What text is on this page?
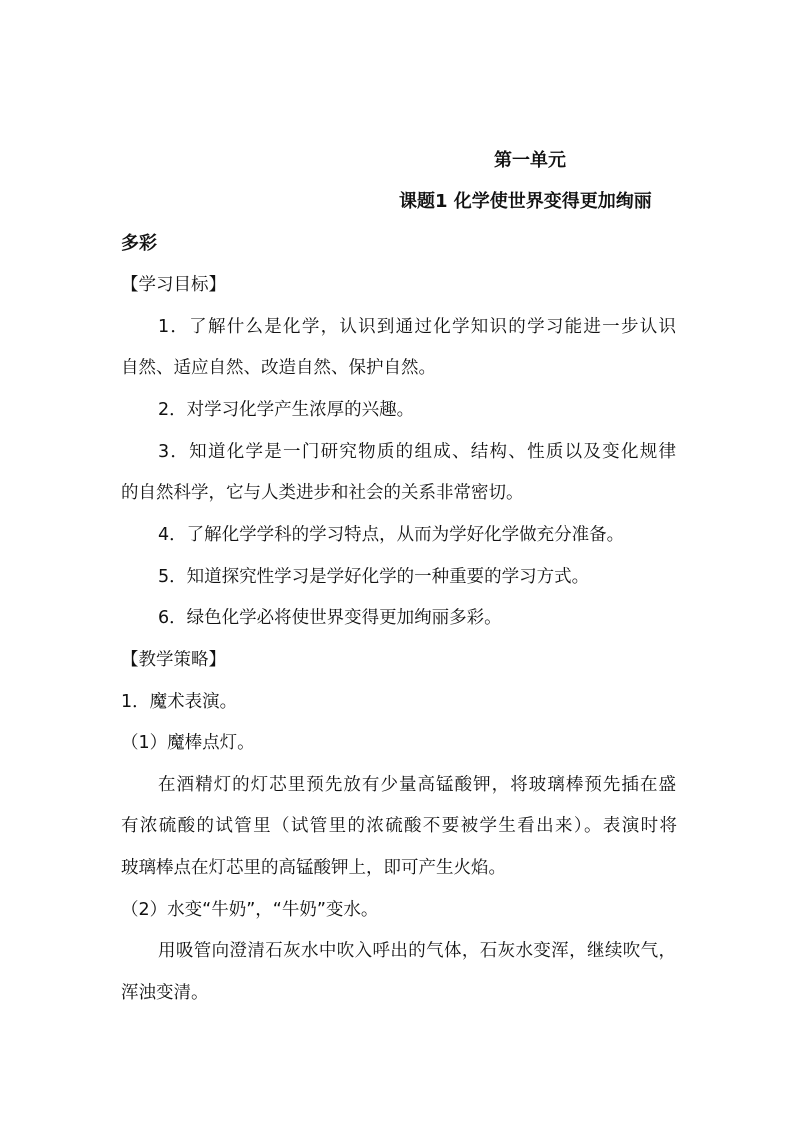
第一单元
课题1 化学使世界变得更加绚丽
多彩
【学习目标】
1．了解什么是化学，认识到通过化学知识的学习能进一步认识
自然、适应自然、改造自然、保护自然。
2．对学习化学产生浓厚的兴趣。
3．知道化学是一门研究物质的组成、结构、性质以及变化规律
的自然科学，它与人类进步和社会的关系非常密切。
4．了解化学学科的学习特点，从而为学好化学做充分准备。
5．知道探究性学习是学好化学的一种重要的学习方式。
6．绿色化学必将使世界变得更加绚丽多彩。
【教学策略】
1．魔术表演。
（1）魔棒点灯。
在酒精灯的灯芯里预先放有少量高锰酸钾，将玻璃棒预先插在盛
有浓硫酸的试管里（试管里的浓硫酸不要被学生看出来）。表演时将
玻璃棒点在灯芯里的高锰酸钾上，即可产生火焰。
（2）水变“牛奶”，“牛奶”变水。
用吸管向澄清石灰水中吹入呼出的气体，石灰水变浑，继续吹气，
浑浊变清。
